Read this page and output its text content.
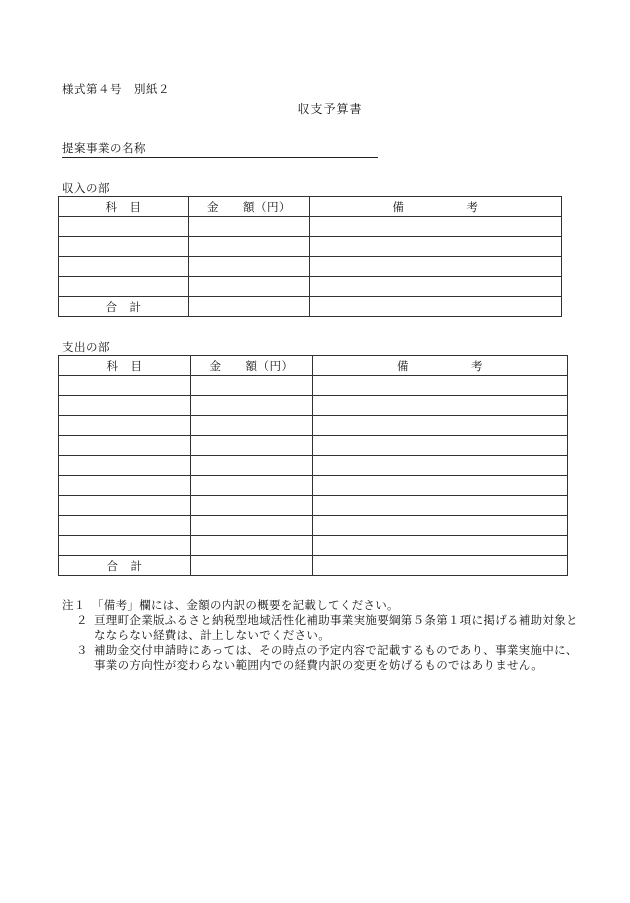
様式第４号　別紙２
収支予算書
提案事業の名称
収入の部
科　目	金 額（円）	備 考

合　計		
支出の部
科　目	金 額（円）	備 考

合　計		
注１ 「備考」欄には、金額の内訳の概要を記載してください。
２ 亘理町企業版ふるさと納税型地域活性化補助事業実施要綱第５条第１項に掲げる補助対象となならない経費は、計上しないでください。
３ 補助金交付申請時にあっては、その時点の予定内容で記載するものであり、事業実施中に、事業の方向性が変わらない範囲内での経費内訳の変更を妨げるものではありません。
